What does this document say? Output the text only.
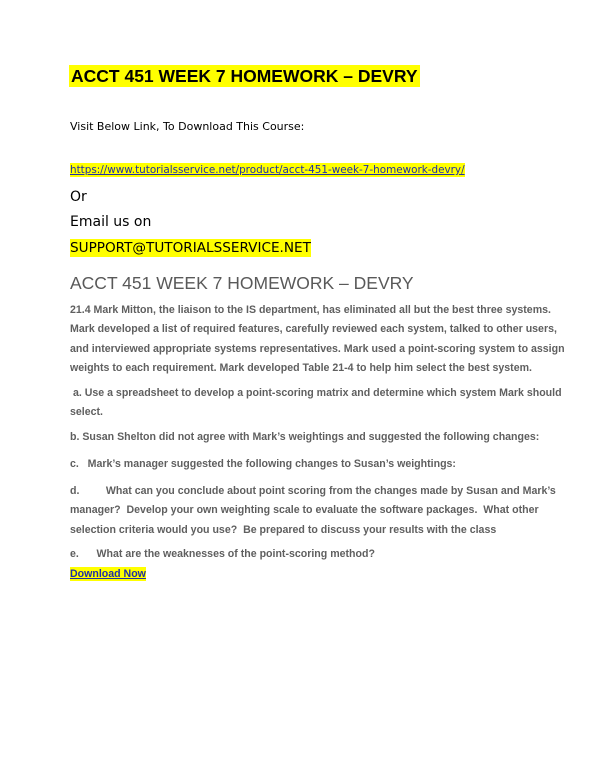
ACCT 451 WEEK 7 HOMEWORK – DEVRY
Visit Below Link, To Download This Course:
https://www.tutorialsservice.net/product/acct-451-week-7-homework-devry/
Or
Email us on
SUPPORT@TUTORIALSSERVICE.NET
ACCT 451 WEEK 7 HOMEWORK – DEVRY
21.4 Mark Mitton, the liaison to the IS department, has eliminated all but the best three systems.
Mark developed a list of required features, carefully reviewed each system, talked to other users,
and interviewed appropriate systems representatives. Mark used a point-scoring system to assign
weights to each requirement. Mark developed Table 21-4 to help him select the best system.
a. Use a spreadsheet to develop a point-scoring matrix and determine which system Mark should
select.
b. Susan Shelton did not agree with Mark’s weightings and suggested the following changes:
c.   Mark’s manager suggested the following changes to Susan’s weightings:
d.         What can you conclude about point scoring from the changes made by Susan and Mark’s
manager?  Develop your own weighting scale to evaluate the software packages.  What other
selection criteria would you use?  Be prepared to discuss your results with the class
e.      What are the weaknesses of the point-scoring method?
Download Now
